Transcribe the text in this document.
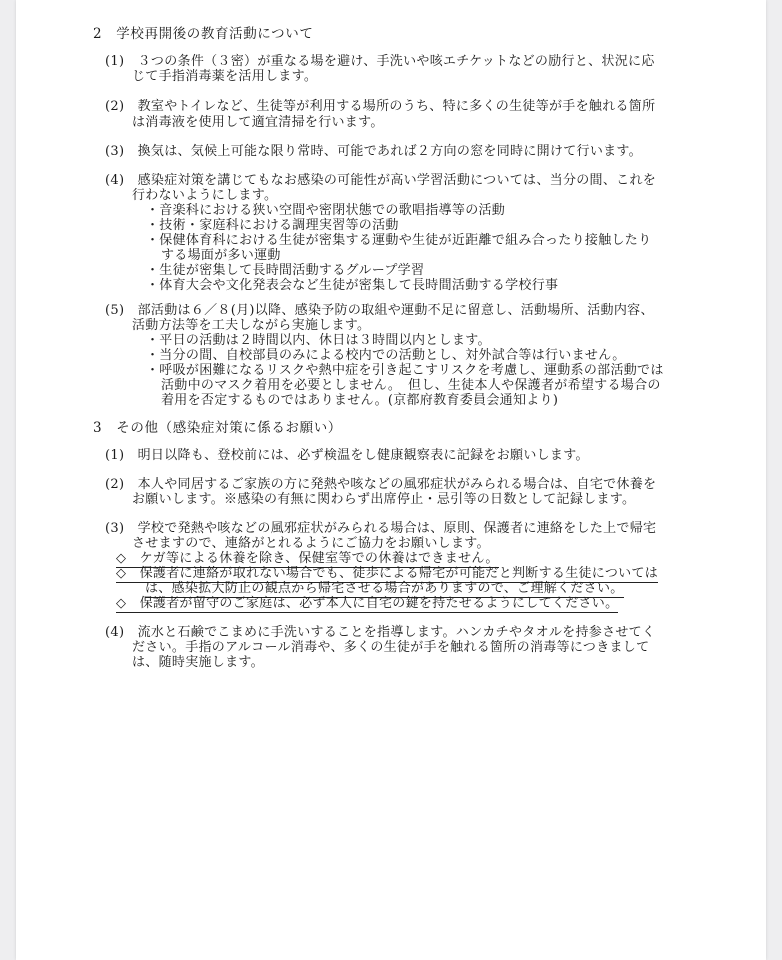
2　学校再開後の教育活動について
(1)　３つの条件（３密）が重なる場を避け、手洗いや咳エチケットなどの励行と、状況に応
じて手指消毒薬を活用します。
(2)　教室やトイレなど、生徒等が利用する場所のうち、特に多くの生徒等が手を触れる箇所
は消毒液を使用して適宜清掃を行います。
(3)　換気は、気候上可能な限り常時、可能であれば２方向の窓を同時に開けて行います。
(4)　感染症対策を講じてもなお感染の可能性が高い学習活動については、当分の間、これを
行わないようにします。
・音楽科における狭い空間や密閉状態での歌唱指導等の活動
・技術・家庭科における調理実習等の活動
・保健体育科における生徒が密集する運動や生徒が近距離で組み合ったり接触したり
する場面が多い運動
・生徒が密集して長時間活動するグループ学習
・体育大会や文化発表会など生徒が密集して長時間活動する学校行事
(5)　部活動は６／８(月)以降、感染予防の取組や運動不足に留意し、活動場所、活動内容、
活動方法等を工夫しながら実施します。
・平日の活動は２時間以内、休日は３時間以内とします。
・当分の間、自校部員のみによる校内での活動とし、対外試合等は行いません。
・呼吸が困難になるリスクや熱中症を引き起こすリスクを考慮し、運動系の部活動では
活動中のマスク着用を必要としません。　但し、生徒本人や保護者が希望する場合の
着用を否定するものではありません。(京都府教育委員会通知より)
3　その他（感染症対策に係るお願い）
(1)　明日以降も、登校前には、必ず検温をし健康観察表に記録をお願いします。
(2)　本人や同居するご家族の方に発熱や咳などの風邪症状がみられる場合は、自宅で休養を
お願いします。※感染の有無に関わらず出席停止・忌引等の日数として記録します。
(3)　学校で発熱や咳などの風邪症状がみられる場合は、原則、保護者に連絡をした上で帰宅
させますので、連絡がとれるようにご協力をお願いします。
◇　ケガ等による休養を除き、保健室等での休養はできません。
◇　保護者に連絡が取れない場合でも、徒歩による帰宅が可能だと判断する生徒については
は、感染拡大防止の観点から帰宅させる場合がありますので、ご理解ください。
◇　保護者が留守のご家庭は、必ず本人に自宅の鍵を持たせるようにしてください。
(4)　流水と石鹸でこまめに手洗いすることを指導します。ハンカチやタオルを持参させてく
ださい。手指のアルコール消毒や、多くの生徒が手を触れる箇所の消毒等につきまして
は、随時実施します。
